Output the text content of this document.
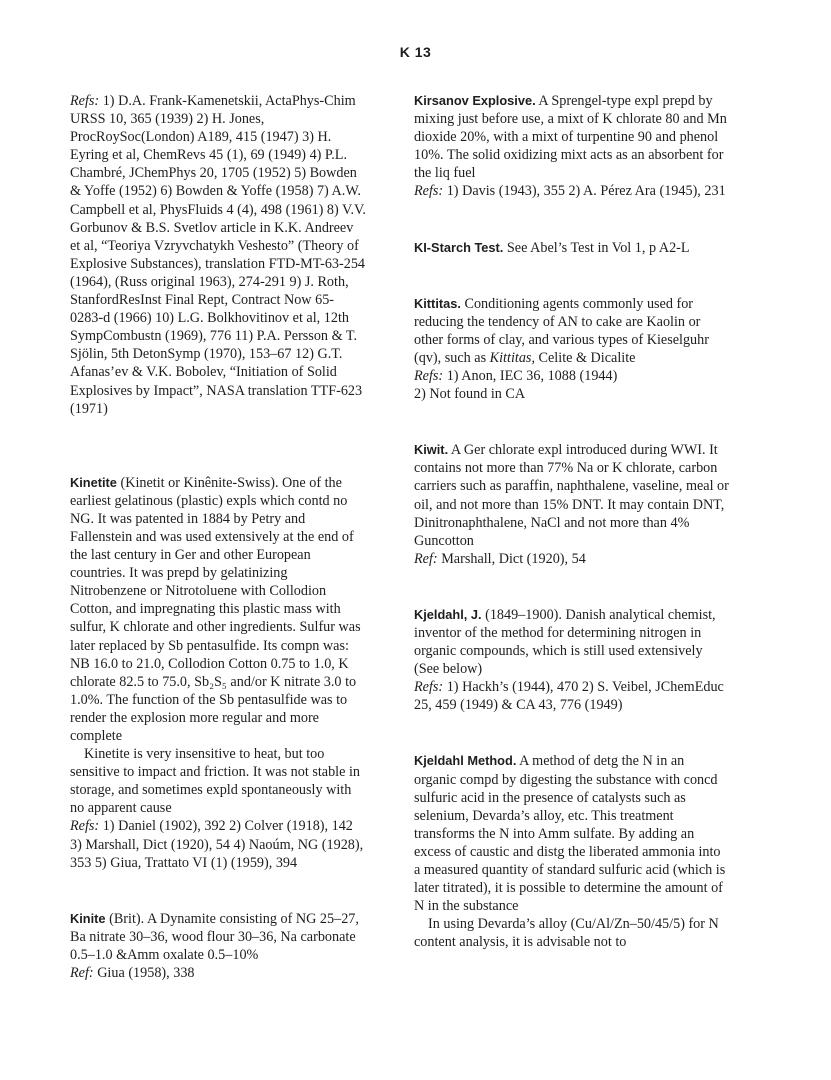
K 13

Refs: 1) D.A. Frank-Kamenetskii, ActaPhys-Chim URSS 10, 365 (1939) 2) H. Jones, ProcRoySoc(London) A189, 415 (1947) 3) H. Eyring et al, ChemRevs 45 (1), 69 (1949) 4) P.L. Chambré, JChemPhys 20, 1705 (1952) 5) Bowden & Yoffe (1952) 6) Bowden & Yoffe (1958) 7) A.W. Campbell et al, PhysFluids 4 (4), 498 (1961) 8) V.V. Gorbunov & B.S. Svetlov article in K.K. Andreev et al, “Teoriya Vzryvchatykh Veshesto” (Theory of Explosive Substances), translation FTD-MT-63-254 (1964), (Russ original 1963), 274-291 9) J. Roth, StanfordResInst Final Rept, Contract Now 65-0283-d (1966) 10) L.G. Bolkhovitinov et al, 12th SympCombustn (1969), 776 11) P.A. Persson & T. Sjölin, 5th DetonSymp (1970), 153–67 12) G.T. Afanas’ev & V.K. Bobolev, “Initiation of Solid Explosives by Impact”, NASA translation TTF-623 (1971)

Kinetite (Kinetit or Kinênite-Swiss). One of the earliest gelatinous (plastic) expls which contd no NG. It was patented in 1884 by Petry and Fallenstein and was used extensively at the end of the last century in Ger and other European countries. It was prepd by gelatinizing Nitrobenzene or Nitrotoluene with Collodion Cotton, and impregnating this plastic mass with sulfur, K chlorate and other ingredients. Sulfur was later replaced by Sb pentasulfide. Its compn was: NB 16.0 to 21.0, Collodion Cotton 0.75 to 1.0, K chlorate 82.5 to 75.0, Sb₂S₅ and/or K nitrate 3.0 to 1.0%. The function of the Sb pentasulfide was to render the explosion more regular and more complete

Kinetite is very insensitive to heat, but too sensitive to impact and friction. It was not stable in storage, and sometimes expld spontaneously with no apparent cause

Refs: 1) Daniel (1902), 392 2) Colver (1918), 142 3) Marshall, Dict (1920), 54 4) Naoúm, NG (1928), 353 5) Giua, Trattato VI (1) (1959), 394

Kinite (Brit). A Dynamite consisting of NG 25–27, Ba nitrate 30–36, wood flour 30–36, Na carbonate 0.5–1.0 &Amm oxalate 0.5–10%

Ref: Giua (1958), 338

Kirsanov Explosive. A Sprengel-type expl prepd by mixing just before use, a mixt of K chlorate 80 and Mn dioxide 20%, with a mixt of turpentine 90 and phenol 10%. The solid oxidizing mixt acts as an absorbent for the liq fuel

Refs: 1) Davis (1943), 355 2) A. Pérez Ara (1945), 231

KI-Starch Test. See Abel’s Test in Vol 1, p A2-L

Kittitas. Conditioning agents commonly used for reducing the tendency of AN to cake are Kaolin or other forms of clay, and various types of Kieselguhr (qv), such as Kittitas, Celite & Dicalite

Refs: 1) Anon, IEC 36, 1088 (1944)

2) Not found in CA

Kiwit. A Ger chlorate expl introduced during WWI. It contains not more than 77% Na or K chlorate, carbon carriers such as paraffin, naphthalene, vaseline, meal or oil, and not more than 15% DNT. It may contain DNT, Dinitronaphthalene, NaCl and not more than 4% Guncotton

Ref: Marshall, Dict (1920), 54

Kjeldahl, J. (1849–1900). Danish analytical chemist, inventor of the method for determining nitrogen in organic compounds, which is still used extensively (See below)

Refs: 1) Hackh’s (1944), 470 2) S. Veibel, JChemEduc 25, 459 (1949) & CA 43, 776 (1949)

Kjeldahl Method. A method of detg the N in an organic compd by digesting the substance with concd sulfuric acid in the presence of catalysts such as selenium, Devarda’s alloy, etc. This treatment transforms the N into Amm sulfate. By adding an excess of caustic and distg the liberated ammonia into a measured quantity of standard sulfuric acid (which is later titrated), it is possible to determine the amount of N in the substance

In using Devarda’s alloy (Cu/Al/Zn–50/45/5) for N content analysis, it is advisable not to
